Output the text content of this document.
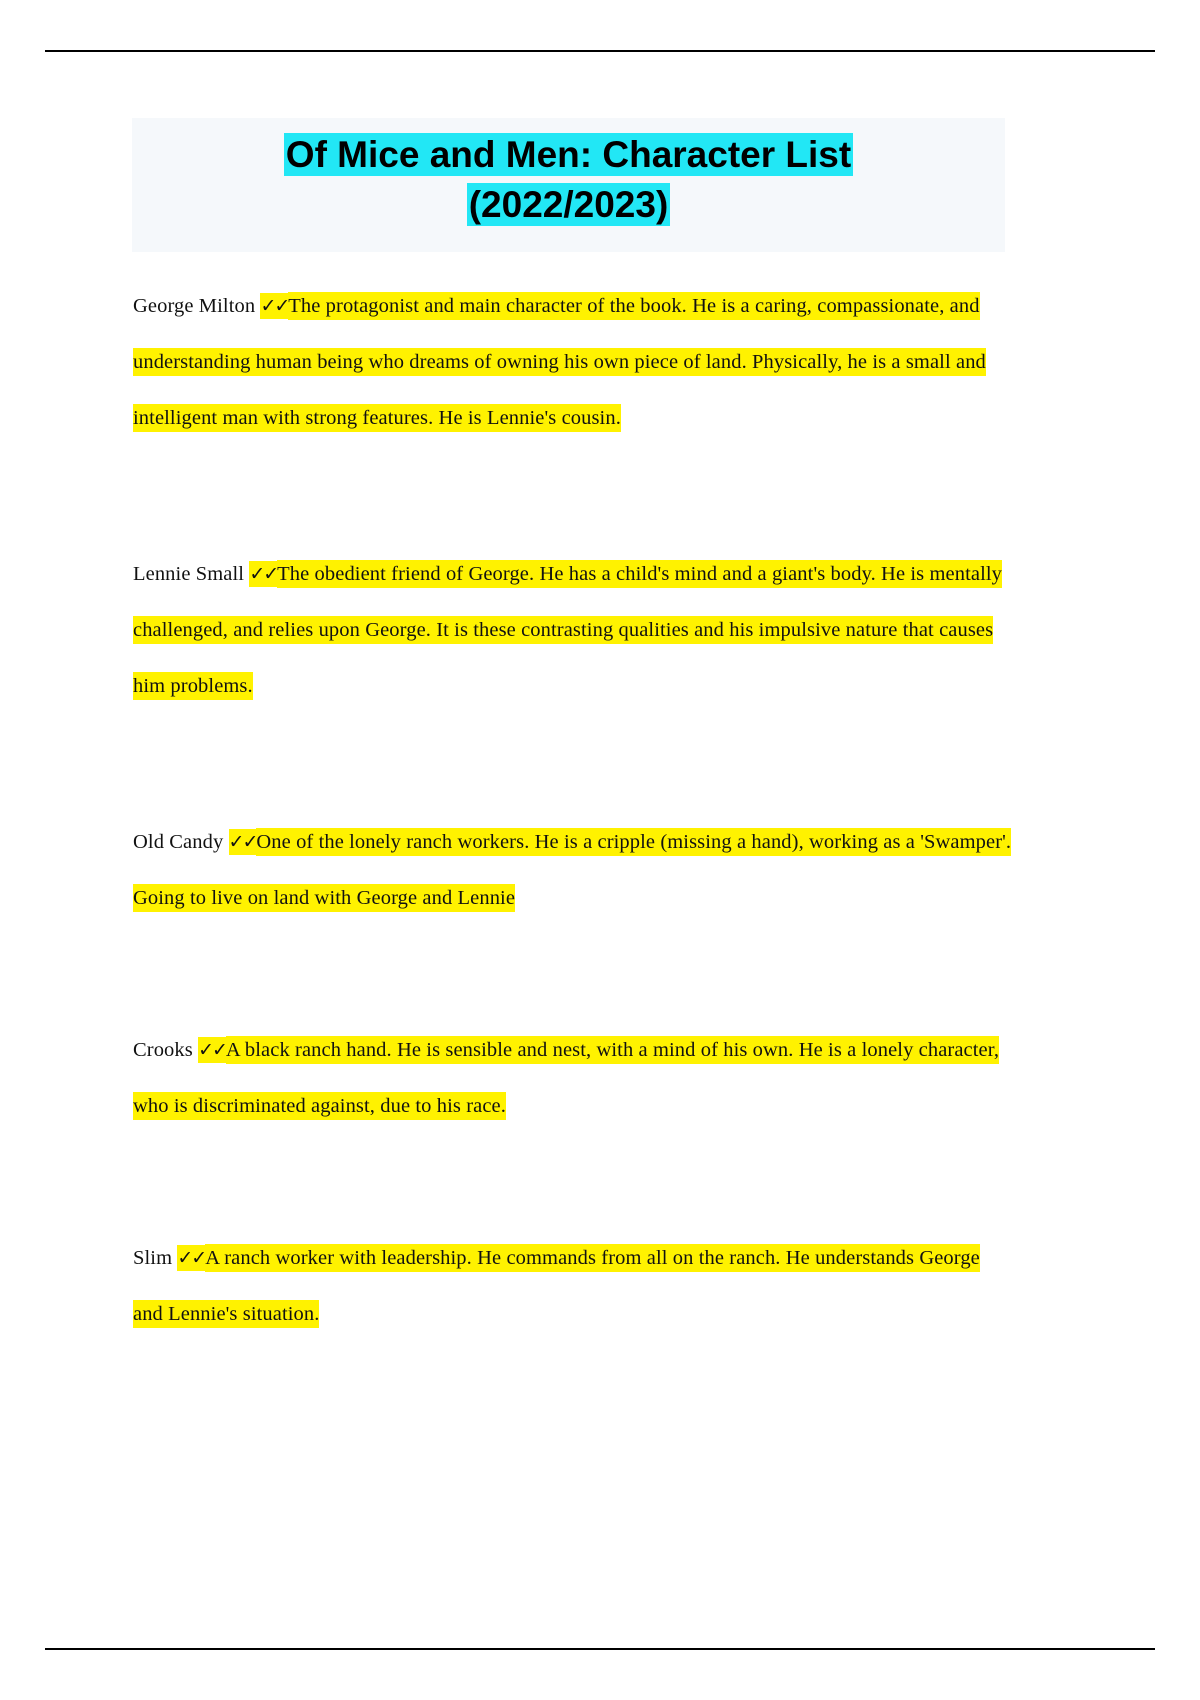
Of Mice and Men: Character List
(2022/2023)

George Milton ✓✓The protagonist and main character of the book. He is a caring, compassionate, and understanding human being who dreams of owning his own piece of land. Physically, he is a small and intelligent man with strong features. He is Lennie's cousin.

Lennie Small ✓✓The obedient friend of George. He has a child's mind and a giant's body. He is mentally challenged, and relies upon George. It is these contrasting qualities and his impulsive nature that causes him problems.

Old Candy ✓✓One of the lonely ranch workers. He is a cripple (missing a hand), working as a 'Swamper'. Going to live on land with George and Lennie

Crooks ✓✓A black ranch hand. He is sensible and nest, with a mind of his own. He is a lonely character, who is discriminated against, due to his race.

Slim ✓✓A ranch worker with leadership. He commands from all on the ranch. He understands George and Lennie's situation.
